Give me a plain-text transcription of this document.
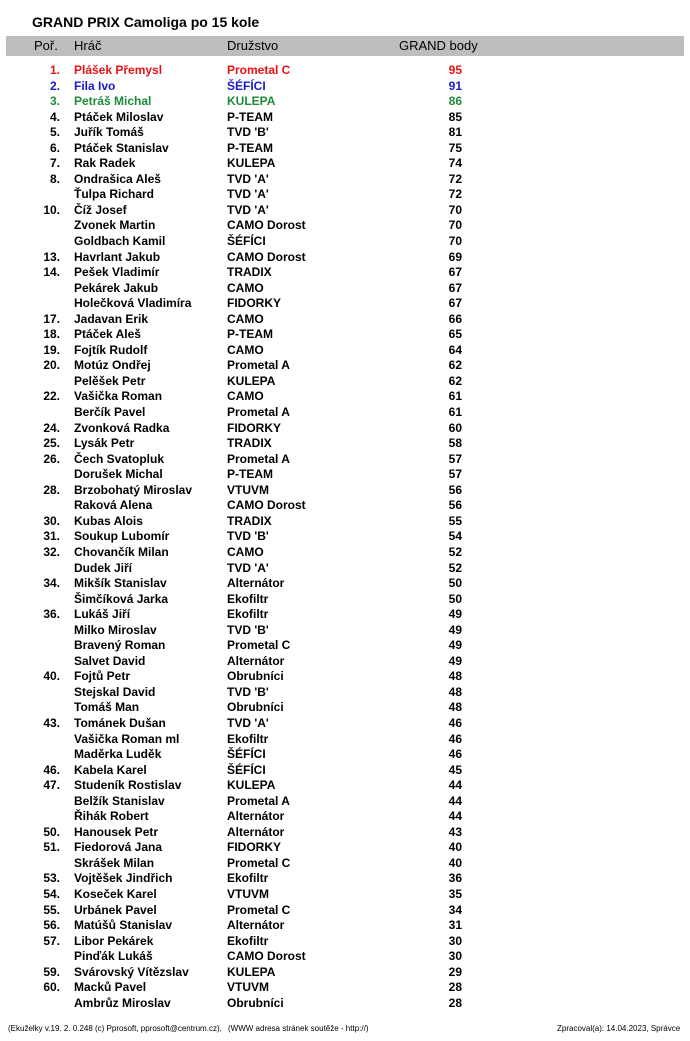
GRAND PRIX Camoliga po 15 kole
Poř. Hráč	Družstvo	GRAND body
1. Plášek Přemysl	Prometal C	95
2. Fila Ivo	ŠÉFÍCI	91
3. Petráš Michal	KULEPA	86
4. Ptáček Miloslav	P-TEAM	85
5. Juřík Tomáš	TVD 'B'	81
6. Ptáček Stanislav	P-TEAM	75
7. Rak Radek	KULEPA	74
8. Ondrašica Aleš	TVD 'A'	72
Ťulpa Richard	TVD 'A'	72
10. Číž Josef	TVD 'A'	70
Zvonek Martin	CAMO Dorost	70
Goldbach Kamil	ŠÉFÍCI	70
13. Havrlant Jakub	CAMO Dorost	69
14. Pešek Vladimír	TRADIX	67
Pekárek Jakub	CAMO	67
Holečková Vladimíra	FIDORKY	67
17. Jadavan Erik	CAMO	66
18. Ptáček Aleš	P-TEAM	65
19. Fojtík Rudolf	CAMO	64
20. Motúz Ondřej	Prometal A	62
Pelěšek Petr	KULEPA	62
22. Vašička Roman	CAMO	61
Berčík Pavel	Prometal A	61
24. Zvonková Radka	FIDORKY	60
25. Lysák Petr	TRADIX	58
26. Čech Svatopluk	Prometal A	57
Dorušek Michal	P-TEAM	57
28. Brzobohatý Miroslav	VTUVM	56
Raková Alena	CAMO Dorost	56
30. Kubas Alois	TRADIX	55
31. Soukup Lubomír	TVD 'B'	54
32. Chovančík Milan	CAMO	52
Dudek Jiří	TVD 'A'	52
34. Mikšík Stanislav	Alternátor	50
Šimčíková Jarka	Ekofiltr	50
36. Lukáš Jiří	Ekofiltr	49
Milko Miroslav	TVD 'B'	49
Bravený Roman	Prometal C	49
Salvet David	Alternátor	49
40. Fojtů Petr	Obrubníci	48
Stejskal David	TVD 'B'	48
Tomáš Man	Obrubníci	48
43. Tománek Dušan	TVD 'A'	46
Vašička Roman ml	Ekofiltr	46
Maděrka Luděk	ŠÉFÍCI	46
46. Kabela Karel	ŠÉFÍCI	45
47. Studeník Rostislav	KULEPA	44
Belžík Stanislav	Prometal A	44
Řihák Robert	Alternátor	44
50. Hanousek Petr	Alternátor	43
51. Fiedorová Jana	FIDORKY	40
Skrášek Milan	Prometal C	40
53. Vojtěšek Jindřich	Ekofiltr	36
54. Koseček Karel	VTUVM	35
55. Urbánek Pavel	Prometal C	34
56. Matúšů Stanislav	Alternátor	31
57. Libor Pekárek	Ekofiltr	30
Pinďák Lukáš	CAMO Dorost	30
59. Svárovský Vítězslav	KULEPA	29
60. Macků Pavel	VTUVM	28
Ambrůz Miroslav	Obrubníci	28
(Ekuželky v.19. 2. 0.248 (c) Pprosoft, pprosoft@centrum.cz), (WWW adresa stránek soutěže - http://)	Zpracoval(a): 14.04.2023, Správce
